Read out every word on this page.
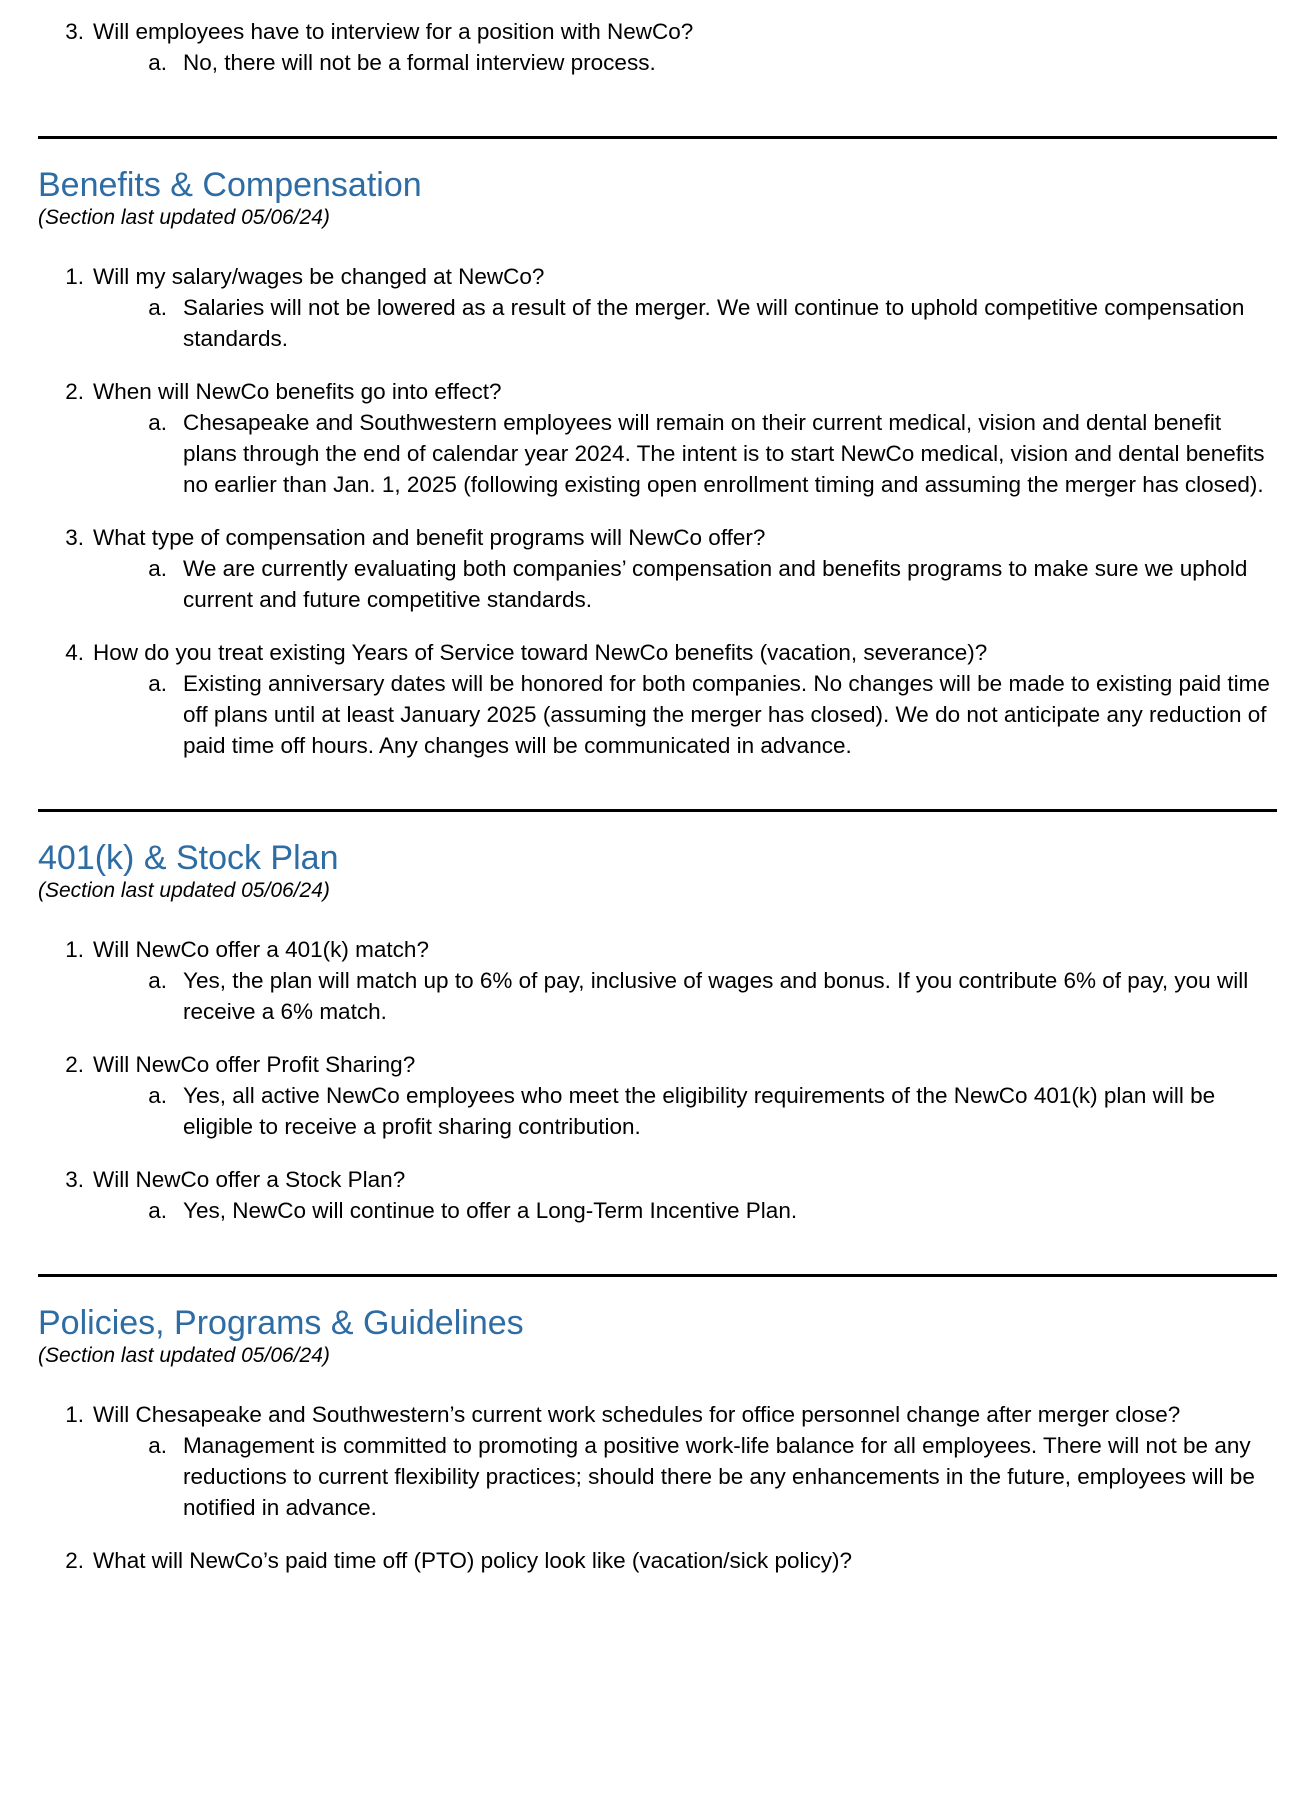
3. Will employees have to interview for a position with NewCo?
a. No, there will not be a formal interview process.
Benefits & Compensation

(Section last updated 05/06/24)

1. Will my salary/wages be changed at NewCo?
a. Salaries will not be lowered as a result of the merger. We will continue to uphold competitive compensation standards.
2. When will NewCo benefits go into effect?
a. Chesapeake and Southwestern employees will remain on their current medical, vision and dental benefit plans through the end of calendar year 2024. The intent is to start NewCo medical, vision and dental benefits no earlier than Jan. 1, 2025 (following existing open enrollment timing and assuming the merger has closed).
3. What type of compensation and benefit programs will NewCo offer?
a. We are currently evaluating both companies’ compensation and benefits programs to make sure we uphold current and future competitive standards.
4. How do you treat existing Years of Service toward NewCo benefits (vacation, severance)?
a. Existing anniversary dates will be honored for both companies. No changes will be made to existing paid time off plans until at least January 2025 (assuming the merger has closed). We do not anticipate any reduction of paid time off hours. Any changes will be communicated in advance.
401(k) & Stock Plan

(Section last updated 05/06/24)

1. Will NewCo offer a 401(k) match?
a. Yes, the plan will match up to 6% of pay, inclusive of wages and bonus. If you contribute 6% of pay, you will receive a 6% match.
2. Will NewCo offer Profit Sharing?
a. Yes, all active NewCo employees who meet the eligibility requirements of the NewCo 401(k) plan will be eligible to receive a profit sharing contribution.
3. Will NewCo offer a Stock Plan?
a. Yes, NewCo will continue to offer a Long-Term Incentive Plan.
Policies, Programs & Guidelines

(Section last updated 05/06/24)

1. Will Chesapeake and Southwestern’s current work schedules for office personnel change after merger close?
a. Management is committed to promoting a positive work-life balance for all employees. There will not be any reductions to current flexibility practices; should there be any enhancements in the future, employees will be notified in advance.
2. What will NewCo’s paid time off (PTO) policy look like (vacation/sick policy)?
